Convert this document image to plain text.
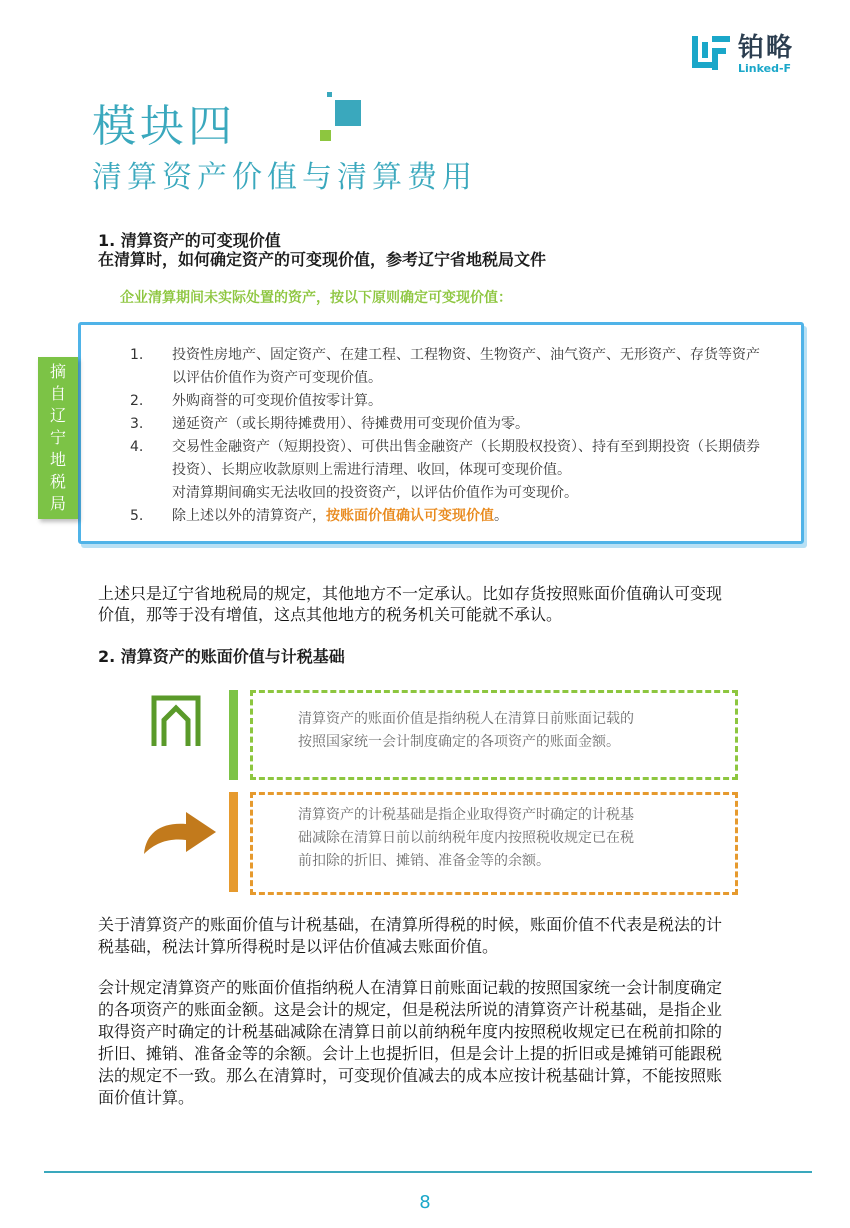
铂略
Linked-F
模块四
清算资产价值与清算费用
1. 清算资产的可变现价值
在清算时，如何确定资产的可变现价值，参考辽宁省地税局文件
企业清算期间未实际处置的资产，按以下原则确定可变现价值：
1. 投资性房地产、固定资产、在建工程、工程物资、生物资产、油气资产、无形资产、存货等资产以评估价值作为资产可变现价值。
2. 外购商誉的可变现价值按零计算。
3. 递延资产（或长期待摊费用）、待摊费用可变现价值为零。
4. 交易性金融资产（短期投资）、可供出售金融资产（长期股权投资）、持有至到期投资（长期债券投资）、长期应收款原则上需进行清理、收回，体现可变现价值。
对清算期间确实无法收回的投资资产，以评估价值作为可变现价。
5. 除上述以外的清算资产，按账面价值确认可变现价值。
摘
自
辽
宁
地
税
局
上述只是辽宁省地税局的规定，其他地方不一定承认。比如存货按照账面价值确认可变现
价值，那等于没有增值，这点其他地方的税务机关可能就不承认。
2. 清算资产的账面价值与计税基础
清算资产的账面价值是指纳税人在清算日前账面记载的
按照国家统一会计制度确定的各项资产的账面金额。
清算资产的计税基础是指企业取得资产时确定的计税基
础减除在清算日前以前纳税年度内按照税收规定已在税
前扣除的折旧、摊销、准备金等的余额。
关于清算资产的账面价值与计税基础，在清算所得税的时候，账面价值不代表是税法的计
税基础，税法计算所得税时是以评估价值减去账面价值。
会计规定清算资产的账面价值指纳税人在清算日前账面记载的按照国家统一会计制度确定
的各项资产的账面金额。这是会计的规定，但是税法所说的清算资产计税基础，是指企业
取得资产时确定的计税基础减除在清算日前以前纳税年度内按照税收规定已在税前扣除的
折旧、摊销、准备金等的余额。会计上也提折旧，但是会计上提的折旧或是摊销可能跟税
法的规定不一致。那么在清算时，可变现价值减去的成本应按计税基础计算，不能按照账
面价值计算。
8
